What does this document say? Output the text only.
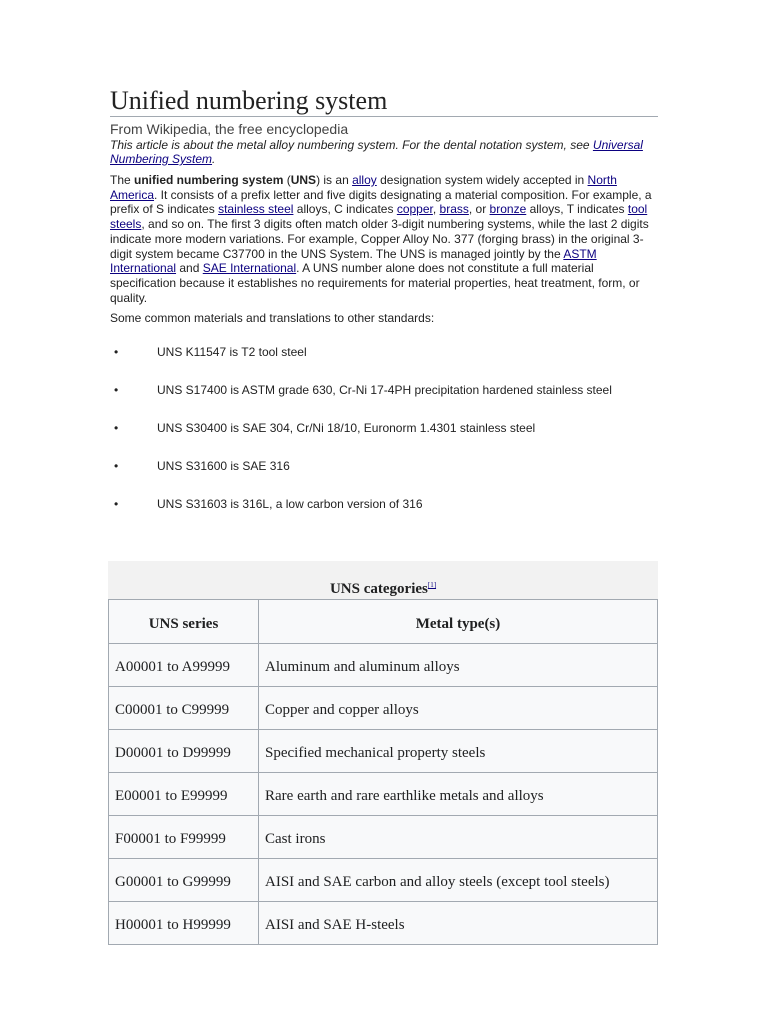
Unified numbering system
From Wikipedia, the free encyclopedia
This article is about the metal alloy numbering system. For the dental notation system, see Universal Numbering System.

The unified numbering system (UNS) is an alloy designation system widely accepted in North America. It consists of a prefix letter and five digits designating a material composition. For example, a prefix of S indicates stainless steel alloys, C indicates copper, brass, or bronze alloys, T indicates tool steels, and so on. The first 3 digits often match older 3-digit numbering systems, while the last 2 digits indicate more modern variations. For example, Copper Alloy No. 377 (forging brass) in the original 3-digit system became C37700 in the UNS System. The UNS is managed jointly by the ASTM International and SAE International. A UNS number alone does not constitute a full material specification because it establishes no requirements for material properties, heat treatment, form, or quality.

Some common materials and translations to other standards:

•	UNS K11547 is T2 tool steel
•	UNS S17400 is ASTM grade 630, Cr-Ni 17-4PH precipitation hardened stainless steel
•	UNS S30400 is SAE 304, Cr/Ni 18/10, Euronorm 1.4301 stainless steel
•	UNS S31600 is SAE 316
•	UNS S31603 is 316L, a low carbon version of 316
UNS categories[1]
UNS series	Metal type(s)
A00001 to A99999	Aluminum and aluminum alloys
C00001 to C99999	Copper and copper alloys
D00001 to D99999	Specified mechanical property steels
E00001 to E99999	Rare earth and rare earthlike metals and alloys
F00001 to F99999	Cast irons
G00001 to G99999	AISI and SAE carbon and alloy steels (except tool steels)
H00001 to H99999	AISI and SAE H-steels
